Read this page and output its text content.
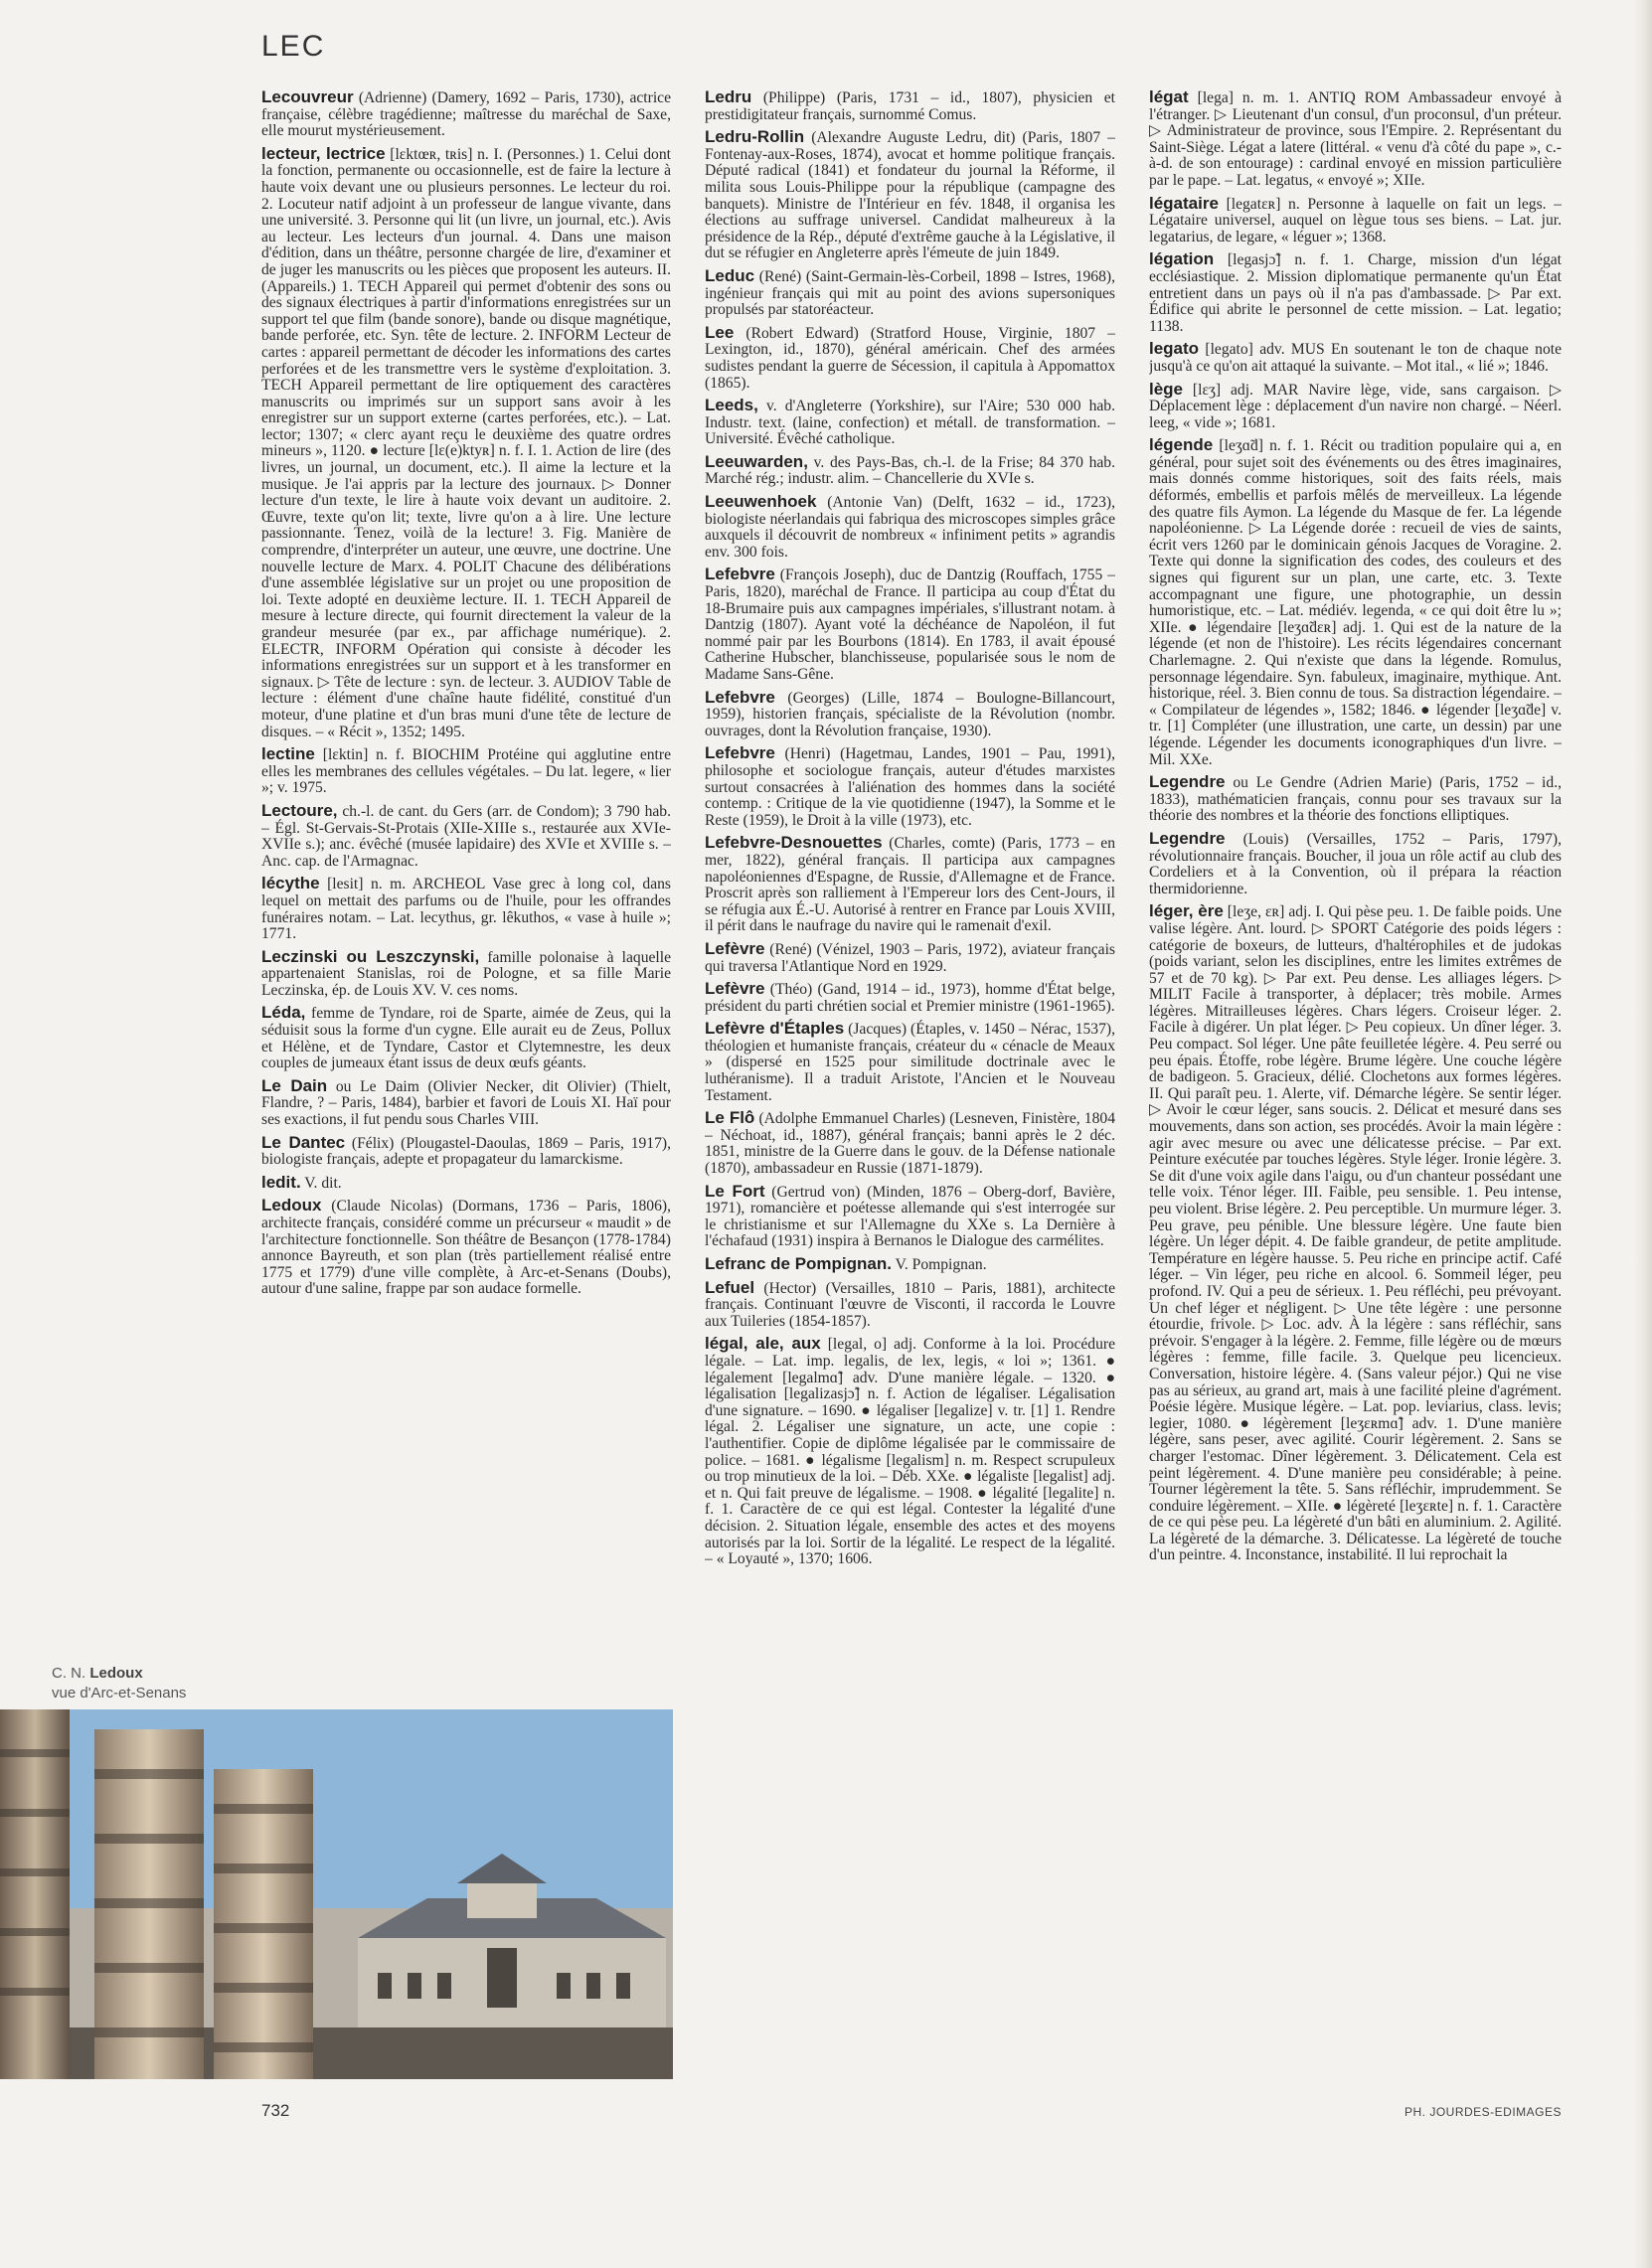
LEC

Lecouvreur (Adrienne) (Damery, 1692 – Paris, 1730), actrice française, célèbre tragédienne; maîtresse du maréchal de Saxe, elle mourut mystérieusement.

lecteur, lectrice [lɛktœʀ, tʀis] n. I. (Personnes.) 1. Celui dont la fonction, permanente ou occasionnelle, est de faire la lecture à haute voix devant une ou plusieurs personnes. Le lecteur du roi. 2. Locuteur natif adjoint à un professeur de langue vivante, dans une université. 3. Personne qui lit (un livre, un journal, etc.). Avis au lecteur. Les lecteurs d'un journal. 4. Dans une maison d'édition, dans un théâtre, personne chargée de lire, d'examiner et de juger les manuscrits ou les pièces que proposent les auteurs. II. (Appareils.) 1. TECH Appareil qui permet d'obtenir des sons ou des signaux électriques à partir d'informations enregistrées sur un support tel que film (bande sonore), bande ou disque magnétique, bande perforée, etc. Syn. tête de lecture. 2. INFORM Lecteur de cartes : appareil permettant de décoder les informations des cartes perforées et de les transmettre vers le système d'exploitation. 3. TECH Appareil permettant de lire optiquement des caractères manuscrits ou imprimés sur un support sans avoir à les enregistrer sur un support externe (cartes perforées, etc.). – Lat. lector; 1307; « clerc ayant reçu le deuxième des quatre ordres mineurs », 1120. ● lecture [lɛ(e)ktyʀ] n. f. I. 1. Action de lire (des livres, un journal, un document, etc.). Il aime la lecture et la musique. Je l'ai appris par la lecture des journaux. ▷ Donner lecture d'un texte, le lire à haute voix devant un auditoire. 2. Œuvre, texte qu'on lit; texte, livre qu'on a à lire. Une lecture passionnante. Tenez, voilà de la lecture! 3. Fig. Manière de comprendre, d'interpréter un auteur, une œuvre, une doctrine. Une nouvelle lecture de Marx. 4. POLIT Chacune des délibérations d'une assemblée législative sur un projet ou une proposition de loi. Texte adopté en deuxième lecture. II. 1. TECH Appareil de mesure à lecture directe, qui fournit directement la valeur de la grandeur mesurée (par ex., par affichage numérique). 2. ELECTR, INFORM Opération qui consiste à décoder les informations enregistrées sur un support et à les transformer en signaux. ▷ Tête de lecture : syn. de lecteur. 3. AUDIOV Table de lecture : élément d'une chaîne haute fidélité, constitué d'un moteur, d'une platine et d'un bras muni d'une tête de lecture de disques. – « Récit », 1352; 1495.

lectine [lɛktin] n. f. BIOCHIM Protéine qui agglutine entre elles les membranes des cellules végétales. – Du lat. legere, « lier »; v. 1975.

Lectoure, ch.-l. de cant. du Gers (arr. de Condom); 3 790 hab. – Égl. St-Gervais-St-Protais (XIIe-XIIIe s., restaurée aux XVIe-XVIIe s.); anc. évêché (musée lapidaire) des XVIe et XVIIIe s. – Anc. cap. de l'Armagnac.

lécythe [lesit] n. m. ARCHEOL Vase grec à long col, dans lequel on mettait des parfums ou de l'huile, pour les offrandes funéraires notam. – Lat. lecythus, gr. lêkuthos, « vase à huile »; 1771.

Leczinski ou Leszczynski, famille polonaise à laquelle appartenaient Stanislas, roi de Pologne, et sa fille Marie Leczinska, ép. de Louis XV. V. ces noms.

Léda, femme de Tyndare, roi de Sparte, aimée de Zeus, qui la séduisit sous la forme d'un cygne. Elle aurait eu de Zeus, Pollux et Hélène, et de Tyndare, Castor et Clytemnestre, les deux couples de jumeaux étant issus de deux œufs géants.

Le Dain ou Le Daim (Olivier Necker, dit Olivier) (Thielt, Flandre, ? – Paris, 1484), barbier et favori de Louis XI. Haï pour ses exactions, il fut pendu sous Charles VIII.

Le Dantec (Félix) (Plougastel-Daoulas, 1869 – Paris, 1917), biologiste français, adepte et propagateur du lamarckisme.

ledit. V. dit.

Ledoux (Claude Nicolas) (Dormans, 1736 – Paris, 1806), architecte français, considéré comme un précurseur « maudit » de l'architecture fonctionnelle. Son théâtre de Besançon (1778-1784) annonce Bayreuth, et son plan (très partiellement réalisé entre 1775 et 1779) d'une ville complète, à Arc-et-Senans (Doubs), autour d'une saline, frappe par son audace formelle.

Ledru (Philippe) (Paris, 1731 – id., 1807), physicien et prestidigitateur français, surnommé Comus.

Ledru-Rollin (Alexandre Auguste Ledru, dit) (Paris, 1807 – Fontenay-aux-Roses, 1874), avocat et homme politique français. Député radical (1841) et fondateur du journal la Réforme, il milita sous Louis-Philippe pour la république (campagne des banquets). Ministre de l'Intérieur en fév. 1848, il organisa les élections au suffrage universel. Candidat malheureux à la présidence de la Rép., député d'extrême gauche à la Législative, il dut se réfugier en Angleterre après l'émeute de juin 1849.

Leduc (René) (Saint-Germain-lès-Corbeil, 1898 – Istres, 1968), ingénieur français qui mit au point des avions supersoniques propulsés par statoréacteur.

Lee (Robert Edward) (Stratford House, Virginie, 1807 – Lexington, id., 1870), général américain. Chef des armées sudistes pendant la guerre de Sécession, il capitula à Appomattox (1865).

Leeds, v. d'Angleterre (Yorkshire), sur l'Aire; 530 000 hab. Industr. text. (laine, confection) et métall. de transformation. – Université. Évêché catholique.

Leeuwarden, v. des Pays-Bas, ch.-l. de la Frise; 84 370 hab. Marché rég.; industr. alim. – Chancellerie du XVIe s.

Leeuwenhoek (Antonie Van) (Delft, 1632 – id., 1723), biologiste néerlandais qui fabriqua des microscopes simples grâce auxquels il découvrit de nombreux « infiniment petits » agrandis env. 300 fois.

Lefebvre (François Joseph), duc de Dantzig (Rouffach, 1755 – Paris, 1820), maréchal de France. Il participa au coup d'État du 18-Brumaire puis aux campagnes impériales, s'illustrant notam. à Dantzig (1807). Ayant voté la déchéance de Napoléon, il fut nommé pair par les Bourbons (1814). En 1783, il avait épousé Catherine Hubscher, blanchisseuse, popularisée sous le nom de Madame Sans-Gêne.

Lefebvre (Georges) (Lille, 1874 – Boulogne-Billancourt, 1959), historien français, spécialiste de la Révolution (nombr. ouvrages, dont la Révolution française, 1930).

Lefebvre (Henri) (Hagetmau, Landes, 1901 – Pau, 1991), philosophe et sociologue français, auteur d'études marxistes surtout consacrées à l'aliénation des hommes dans la société contemp. : Critique de la vie quotidienne (1947), la Somme et le Reste (1959), le Droit à la ville (1973), etc.

Lefebvre-Desnouettes (Charles, comte) (Paris, 1773 – en mer, 1822), général français. Il participa aux campagnes napoléoniennes d'Espagne, de Russie, d'Allemagne et de France. Proscrit après son ralliement à l'Empereur lors des Cent-Jours, il se réfugia aux É.-U. Autorisé à rentrer en France par Louis XVIII, il périt dans le naufrage du navire qui le ramenait d'exil.

Lefèvre (René) (Vénizel, 1903 – Paris, 1972), aviateur français qui traversa l'Atlantique Nord en 1929.

Lefèvre (Théo) (Gand, 1914 – id., 1973), homme d'État belge, président du parti chrétien social et Premier ministre (1961-1965).

Lefèvre d'Étaples (Jacques) (Étaples, v. 1450 – Nérac, 1537), théologien et humaniste français, créateur du « cénacle de Meaux » (dispersé en 1525 pour similitude doctrinale avec le luthéranisme). Il a traduit Aristote, l'Ancien et le Nouveau Testament.

Le Flô (Adolphe Emmanuel Charles) (Lesneven, Finistère, 1804 – Néchoat, id., 1887), général français; banni après le 2 déc. 1851, ministre de la Guerre dans le gouv. de la Défense nationale (1870), ambassadeur en Russie (1871-1879).

Le Fort (Gertrud von) (Minden, 1876 – Oberg-dorf, Bavière, 1971), romancière et poétesse allemande qui s'est interrogée sur le christianisme et sur l'Allemagne du XXe s. La Dernière à l'échafaud (1931) inspira à Bernanos le Dialogue des carmélites.

Lefranc de Pompignan. V. Pompignan.

Lefuel (Hector) (Versailles, 1810 – Paris, 1881), architecte français. Continuant l'œuvre de Visconti, il raccorda le Louvre aux Tuileries (1854-1857).

légal, ale, aux [legal, o] adj. Conforme à la loi. Procédure légale. – Lat. imp. legalis, de lex, legis, « loi »; 1361. ● légalement [legalmɑ̃] adv. D'une manière légale. – 1320. ● légalisation [legalizasjɔ̃] n. f. Action de légaliser. Légalisation d'une signature. – 1690. ● légaliser [legalize] v. tr. [1] 1. Rendre légal. 2. Légaliser une signature, un acte, une copie : l'authentifier. Copie de diplôme légalisée par le commissaire de police. – 1681. ● légalisme [legalism] n. m. Respect scrupuleux ou trop minutieux de la loi. – Déb. XXe. ● légaliste [legalist] adj. et n. Qui fait preuve de légalisme. – 1908. ● légalité [legalite] n. f. 1. Caractère de ce qui est légal. Contester la légalité d'une décision. 2. Situation légale, ensemble des actes et des moyens autorisés par la loi. Sortir de la légalité. Le respect de la légalité. – « Loyauté », 1370; 1606.

légat [lega] n. m. 1. ANTIQ ROM Ambassadeur envoyé à l'étranger. ▷ Lieutenant d'un consul, d'un proconsul, d'un préteur. ▷ Administrateur de province, sous l'Empire. 2. Représentant du Saint-Siège. Légat a latere (littéral. « venu d'à côté du pape », c.-à-d. de son entourage) : cardinal envoyé en mission particulière par le pape. – Lat. legatus, « envoyé »; XIIe.

légataire [legatɛʀ] n. Personne à laquelle on fait un legs. – Légataire universel, auquel on lègue tous ses biens. – Lat. jur. legatarius, de legare, « léguer »; 1368.

légation [legasjɔ̃] n. f. 1. Charge, mission d'un légat ecclésiastique. 2. Mission diplomatique permanente qu'un État entretient dans un pays où il n'a pas d'ambassade. ▷ Par ext. Édifice qui abrite le personnel de cette mission. – Lat. legatio; 1138.

legato [legato] adv. MUS En soutenant le ton de chaque note jusqu'à ce qu'on ait attaqué la suivante. – Mot ital., « lié »; 1846.

lège [lɛʒ] adj. MAR Navire lège, vide, sans cargaison. ▷ Déplacement lège : déplacement d'un navire non chargé. – Néerl. leeg, « vide »; 1681.

légende [leʒɑ̃d] n. f. 1. Récit ou tradition populaire qui a, en général, pour sujet soit des événements ou des êtres imaginaires, mais donnés comme historiques, soit des faits réels, mais déformés, embellis et parfois mêlés de merveilleux. La légende des quatre fils Aymon. La légende du Masque de fer. La légende napoléonienne. ▷ La Légende dorée : recueil de vies de saints, écrit vers 1260 par le dominicain génois Jacques de Voragine. 2. Texte qui donne la signification des codes, des couleurs et des signes qui figurent sur un plan, une carte, etc. 3. Texte accompagnant une figure, une photographie, un dessin humoristique, etc. – Lat. médiév. legenda, « ce qui doit être lu »; XIIe. ● légendaire [leʒɑ̃dɛʀ] adj. 1. Qui est de la nature de la légende (et non de l'histoire). Les récits légendaires concernant Charlemagne. 2. Qui n'existe que dans la légende. Romulus, personnage légendaire. Syn. fabuleux, imaginaire, mythique. Ant. historique, réel. 3. Bien connu de tous. Sa distraction légendaire. – « Compilateur de légendes », 1582; 1846. ● légender [leʒɑ̃de] v. tr. [1] Compléter (une illustration, une carte, un dessin) par une légende. Légender les documents iconographiques d'un livre. – Mil. XXe.

Legendre ou Le Gendre (Adrien Marie) (Paris, 1752 – id., 1833), mathématicien français, connu pour ses travaux sur la théorie des nombres et la théorie des fonctions elliptiques.

Legendre (Louis) (Versailles, 1752 – Paris, 1797), révolutionnaire français. Boucher, il joua un rôle actif au club des Cordeliers et à la Convention, où il prépara la réaction thermidorienne.

léger, ère [leʒe, ɛʀ] adj. I. Qui pèse peu. 1. De faible poids. Une valise légère. Ant. lourd. ▷ SPORT Catégorie des poids légers : catégorie de boxeurs, de lutteurs, d'haltérophiles et de judokas (poids variant, selon les disciplines, entre les limites extrêmes de 57 et de 70 kg). ▷ Par ext. Peu dense. Les alliages légers. ▷ MILIT Facile à transporter, à déplacer; très mobile. Armes légères. Mitrailleuses légères. Chars légers. Croiseur léger. 2. Facile à digérer. Un plat léger. ▷ Peu copieux. Un dîner léger. 3. Peu compact. Sol léger. Une pâte feuilletée légère. 4. Peu serré ou peu épais. Étoffe, robe légère. Brume légère. Une couche légère de badigeon. 5. Gracieux, délié. Clochetons aux formes légères. II. Qui paraît peu. 1. Alerte, vif. Démarche légère. Se sentir léger. ▷ Avoir le cœur léger, sans soucis. 2. Délicat et mesuré dans ses mouvements, dans son action, ses procédés. Avoir la main légère : agir avec mesure ou avec une délicatesse précise. – Par ext. Peinture exécutée par touches légères. Style léger. Ironie légère. 3. Se dit d'une voix agile dans l'aigu, ou d'un chanteur possédant une telle voix. Ténor léger. III. Faible, peu sensible. 1. Peu intense, peu violent. Brise légère. 2. Peu perceptible. Un murmure léger. 3. Peu grave, peu pénible. Une blessure légère. Une faute bien légère. Un léger dépit. 4. De faible grandeur, de petite amplitude. Température en légère hausse. 5. Peu riche en principe actif. Café léger. – Vin léger, peu riche en alcool. 6. Sommeil léger, peu profond. IV. Qui a peu de sérieux. 1. Peu réfléchi, peu prévoyant. Un chef léger et négligent. ▷ Une tête légère : une personne étourdie, frivole. ▷ Loc. adv. À la légère : sans réfléchir, sans prévoir. S'engager à la légère. 2. Femme, fille légère ou de mœurs légères : femme, fille facile. 3. Quelque peu licencieux. Conversation, histoire légère. 4. (Sans valeur péjor.) Qui ne vise pas au sérieux, au grand art, mais à une facilité pleine d'agrément. Poésie légère. Musique légère. – Lat. pop. leviarius, class. levis; legier, 1080. ● légèrement [leʒɛʀmɑ̃] adv. 1. D'une manière légère, sans peser, avec agilité. Courir légèrement. 2. Sans se charger l'estomac. Dîner légèrement. 3. Délicatement. Cela est peint légèrement. 4. D'une manière peu considérable; à peine. Tourner légèrement la tête. 5. Sans réfléchir, imprudemment. Se conduire légèrement. – XIIe. ● légèreté [leʒɛʀte] n. f. 1. Caractère de ce qui pèse peu. La légèreté d'un bâti en aluminium. 2. Agilité. La légèreté de la démarche. 3. Délicatesse. La légèreté de touche d'un peintre. 4. Inconstance, instabilité. Il lui reprochait la

C. N. Ledoux
vue d'Arc-et-Senans
732	PH. JOURDES-EDIMAGES
